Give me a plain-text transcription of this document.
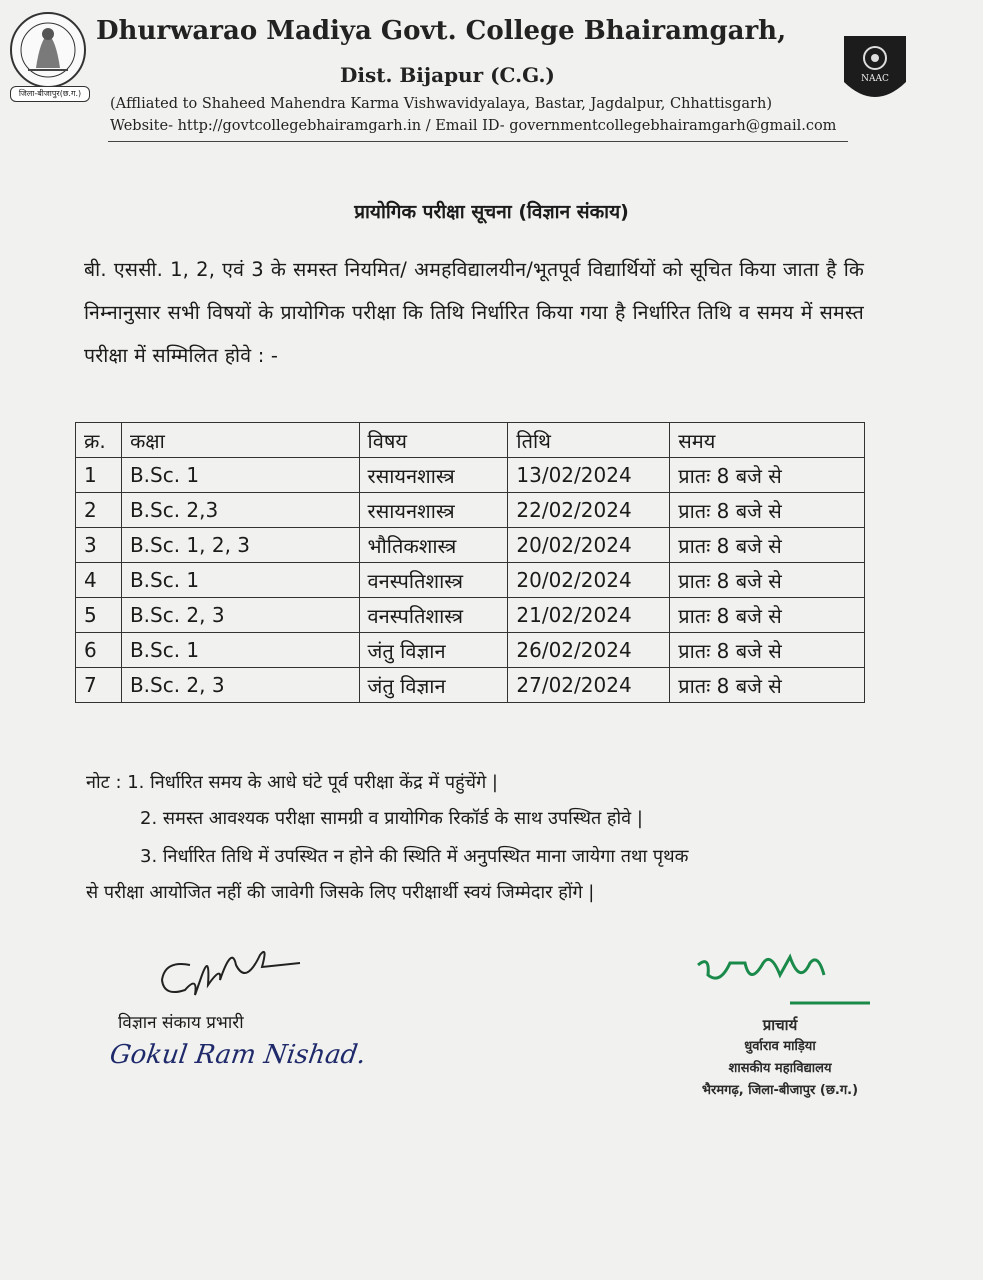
जिला-बीजापुर(छ.ग.)
Dhurwarao Madiya Govt. College Bhairamgarh,
Dist. Bijapur (C.G.)
(Affliated to Shaheed Mahendra Karma Vishwavidyalaya, Bastar, Jagdalpur, Chhattisgarh)
Website- http://govtcollegebhairamgarh.in / Email ID- governmentcollegebhairamgarh@gmail.com
NAAC
प्रायोगिक परीक्षा सूचना (विज्ञान संकाय)
बी. एससी. 1, 2, एवं 3 के समस्त नियमित/ अमहविद्यालयीन/भूतपूर्व विद्यार्थियों को सूचित किया जाता है कि निम्नानुसार सभी विषयों के प्रायोगिक परीक्षा कि तिथि निर्धारित किया गया है निर्धारित तिथि व समय में समस्त परीक्षा में सम्मिलित होवे : -
क्र.	कक्षा	विषय	तिथि	समय
1	B.Sc. 1	रसायनशास्त्र	13/02/2024	प्रातः 8 बजे से
2	B.Sc. 2,3	रसायनशास्त्र	22/02/2024	प्रातः 8 बजे से
3	B.Sc. 1, 2, 3	भौतिकशास्त्र	20/02/2024	प्रातः 8 बजे से
4	B.Sc. 1	वनस्पतिशास्त्र	20/02/2024	प्रातः 8 बजे से
5	B.Sc. 2, 3	वनस्पतिशास्त्र	21/02/2024	प्रातः 8 बजे से
6	B.Sc. 1	जंतु विज्ञान	26/02/2024	प्रातः 8 बजे से
7	B.Sc. 2, 3	जंतु विज्ञान	27/02/2024	प्रातः 8 बजे से
नोट : 1. निर्धारित समय के आधे घंटे पूर्व परीक्षा केंद्र में पहुंचेंगे |
2. समस्त आवश्यक परीक्षा सामग्री व प्रायोगिक रिकॉर्ड के साथ उपस्थित होवे |
3. निर्धारित तिथि में उपस्थित न होने की स्थिति में अनुपस्थित माना जायेगा तथा पृथक
से परीक्षा आयोजित नहीं की जावेगी जिसके लिए परीक्षार्थी स्वयं जिम्मेदार होंगे |
विज्ञान संकाय प्रभारी
Gokul Ram Nishad.
प्राचार्य
धुर्वाराव माड़िया
शासकीय महाविद्यालय
भैरमगढ़, जिला-बीजापुर (छ.ग.)
